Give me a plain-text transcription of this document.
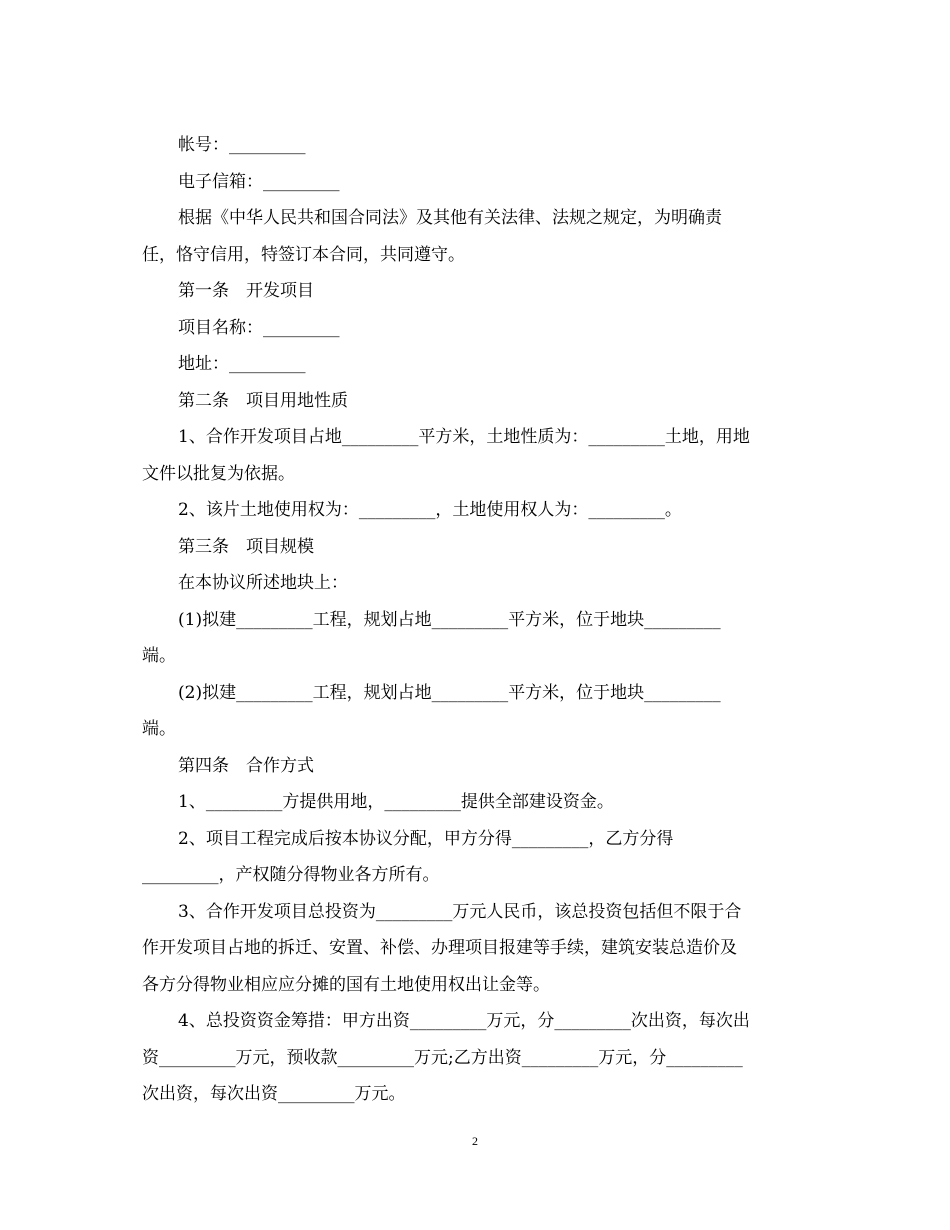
帐号：_________
电子信箱：_________
根据《中华人民共和国合同法》及其他有关法律、法规之规定，为明确责
任，恪守信用，特签订本合同，共同遵守。
第一条　开发项目
项目名称：_________
地址：_________
第二条　项目用地性质
1、合作开发项目占地_________平方米，土地性质为：_________土地，用地
文件以批复为依据。
2、该片土地使用权为：_________，土地使用权人为：_________。
第三条　项目规模
在本协议所述地块上：
(1)拟建_________工程，规划占地_________平方米，位于地块_________
端。
(2)拟建_________工程，规划占地_________平方米，位于地块_________
端。
第四条　合作方式
1、_________方提供用地，_________提供全部建设资金。
2、项目工程完成后按本协议分配，甲方分得_________，乙方分得
_________，产权随分得物业各方所有。
3、合作开发项目总投资为_________万元人民币，该总投资包括但不限于合
作开发项目占地的拆迁、安置、补偿、办理项目报建等手续，建筑安装总造价及
各方分得物业相应应分摊的国有土地使用权出让金等。
4、总投资资金筹措：甲方出资_________万元，分_________次出资，每次出
资_________万元，预收款_________万元;乙方出资_________万元，分_________
次出资，每次出资_________万元。
2
